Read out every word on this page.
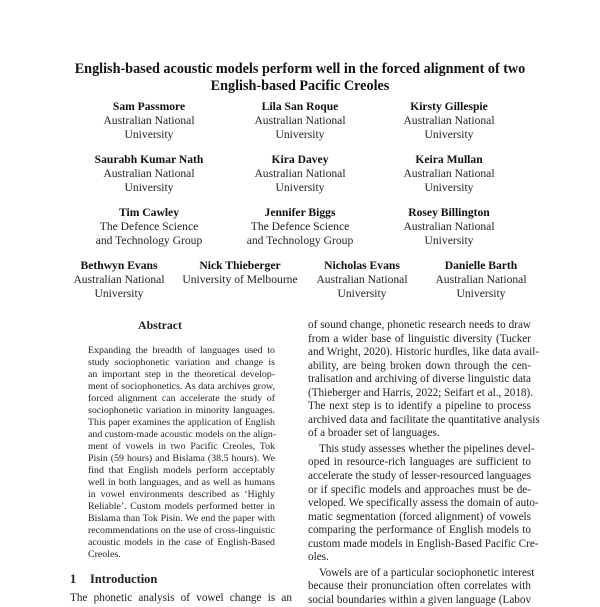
English-based acoustic models perform well in the forced alignment of two
English-based Pacific Creoles
Sam Passmore
Australian National
University
Lila San Roque
Australian National
University
Kirsty Gillespie
Australian National
University
Saurabh Kumar Nath
Australian National
University
Kira Davey
Australian National
University
Keira Mullan
Australian National
University
Tim Cawley
The Defence Science
and Technology Group
Jennifer Biggs
The Defence Science
and Technology Group
Rosey Billington
Australian National
University
Bethwyn Evans
Australian National
University
Nick Thieberger
University of Melbourne
Nicholas Evans
Australian National
University
Danielle Barth
Australian National
University
Abstract
Expanding the breadth of languages used to
study sociophonetic variation and change is
an important step in the theoretical develop-
ment of sociophonetics. As data archives grow,
forced alignment can accelerate the study of
sociophonetic variation in minority languages.
This paper examines the application of English
and custom-made acoustic models on the align-
ment of vowels in two Pacific Creoles, Tok
Pisin (59 hours) and Bislama (38.5 hours). We
find that English models perform acceptably
well in both languages, and as well as humans
in vowel environments described as ‘Highly
Reliable’. Custom models performed better in
Bislama than Tok Pisin. We end the paper with
recommendations on the use of cross-linguistic
acoustic models in the case of English-Based
Creoles.
1 Introduction
The phonetic analysis of vowel change is an
of sound change, phonetic research needs to draw
from a wider base of linguistic diversity (Tucker
and Wright, 2020). Historic hurdles, like data avail-
ability, are being broken down through the cen-
tralisation and archiving of diverse linguistic data
(Thieberger and Harris, 2022; Seifart et al., 2018).
The next step is to identify a pipeline to process
archived data and facilitate the quantitative analysis
of a broader set of languages.
This study assesses whether the pipelines devel-
oped in resource-rich languages are sufficient to
accelerate the study of lesser-resourced languages
or if specific models and approaches must be de-
veloped. We specifically assess the domain of auto-
matic segmentation (forced alignment) of vowels
comparing the performance of English models to
custom made models in English-Based Pacific Cre-
oles.
Vowels are of a particular sociophonetic interest
because their pronunciation often correlates with
social boundaries within a given language (Labov
